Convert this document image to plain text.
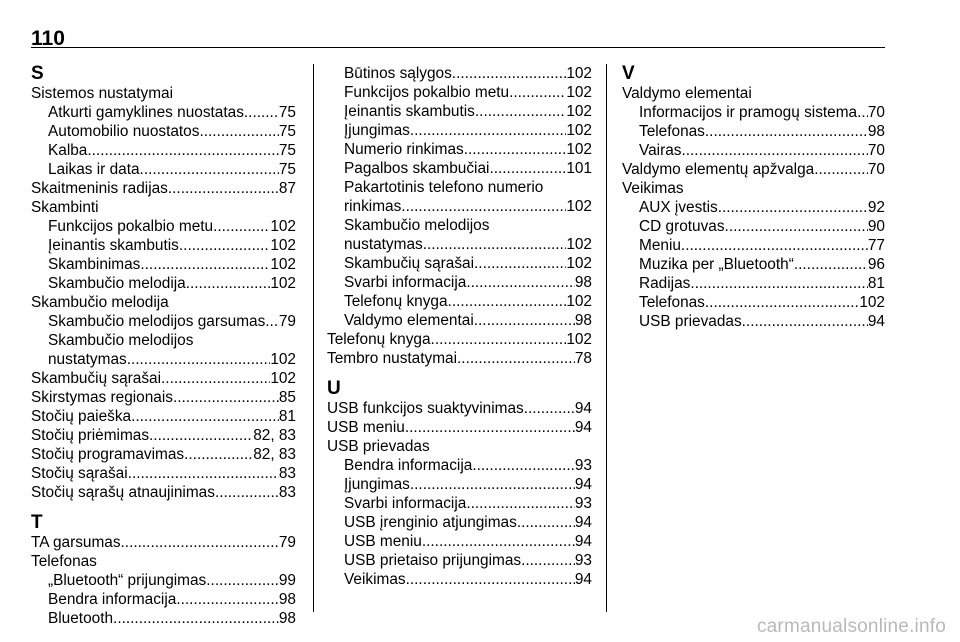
110
S
Sistemos nustatymai
Atkurti gamyklines nuostatas ..... 75
Automobilio nuostatos .....	75
Kalba .....	75
Laikas ir data .....	75
Skaitmeninis radijas .....	87
Skambinti
Funkcijos pokalbio metu .....	102
Įeinantis skambutis .....	102
Skambinimas .....	102
Skambučio melodija .....	102
Skambučio melodija
Skambučio melodijos garsumas ..... 79
Skambučio melodijos
nustatymas .....	102
Skambučių sąrašai .....	102
Skirstymas regionais .....	85
Stočių paieška .....	81
Stočių priėmimas .....	82, 83
Stočių programavimas .....	82, 83
Stočių sąrašai .....	83
Stočių sąrašų atnaujinimas .....	83
T
TA garsumas .....	79
Telefonas
„Bluetooth“ prijungimas .....	99
Bendra informacija .....	98
Bluetooth .....	98
Būtinos sąlygos .....	102
Funkcijos pokalbio metu .....	102
Įeinantis skambutis .....	102
Įjungimas .....	102
Numerio rinkimas .....	102
Pagalbos skambučiai .....	101
Pakartotinis telefono numerio
rinkimas .....	102
Skambučio melodijos
nustatymas .....	102
Skambučių sąrašai .....	102
Svarbi informacija .....	98
Telefonų knyga .....	102
Valdymo elementai .....	98
Telefonų knyga .....	102
Tembro nustatymai .....	78
U
USB funkcijos suaktyvinimas .....	94
USB meniu .....	94
USB prievadas
Bendra informacija .....	93
Įjungimas .....	94
Svarbi informacija .....	93
USB įrenginio atjungimas .....	94
USB meniu .....	94
USB prietaiso prijungimas .....	93
Veikimas .....	94
V
Valdymo elementai
Informacijos ir pramogų sistema ..... 70
Telefonas .....	98
Vairas .....	70
Valdymo elementų apžvalga .....	70
Veikimas
AUX įvestis .....	92
CD grotuvas .....	90
Meniu .....	77
Muzika per „Bluetooth“ .....	96
Radijas .....	81
Telefonas .....	102
USB prievadas .....	94
carmanualsonline.info
